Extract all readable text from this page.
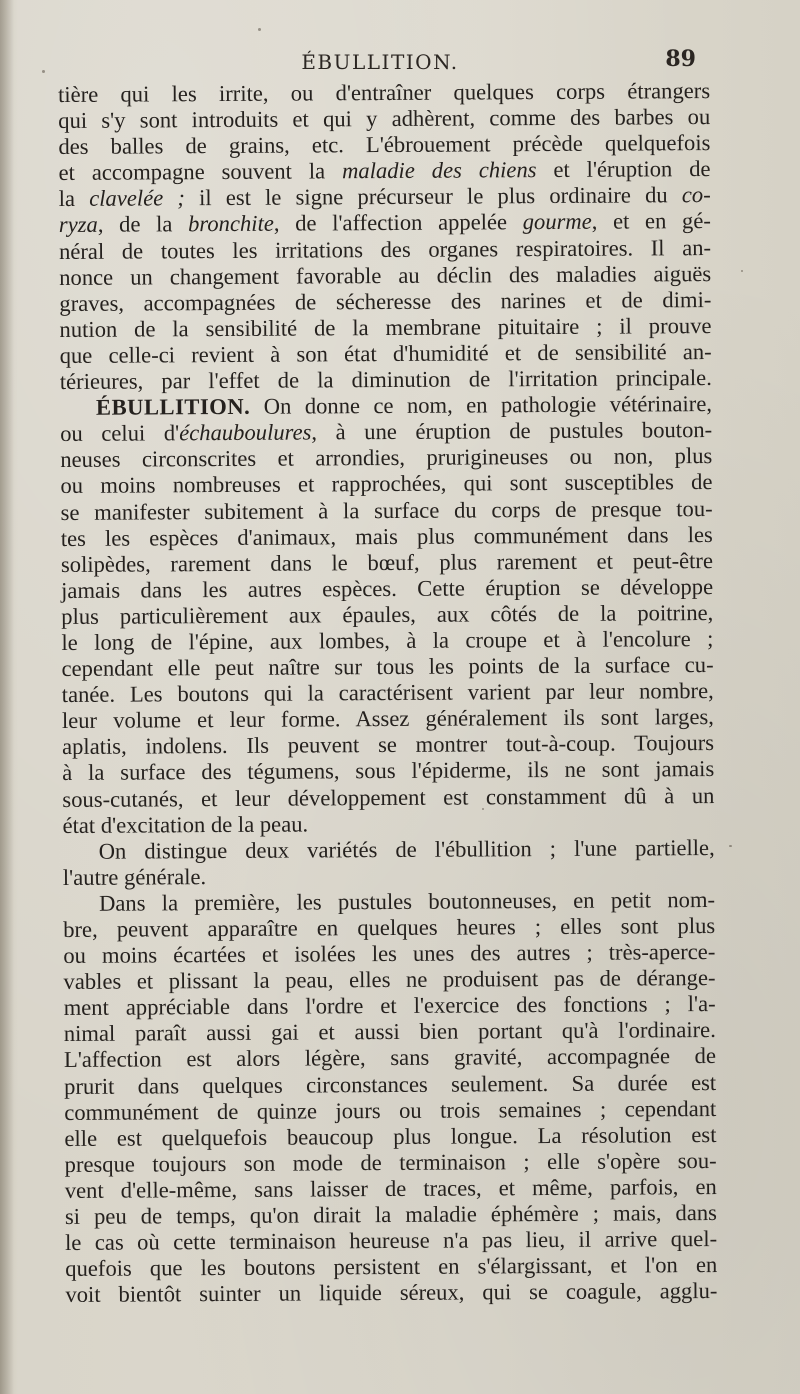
ÉBULLITION.	89
tière qui les irrite, ou d'entraîner quelques corps étrangers
qui s'y sont introduits et qui y adhèrent, comme des barbes ou
des balles de grains, etc. L'ébrouement précède quelquefois
et accompagne souvent la maladie des chiens et l'éruption de
la clavelée ; il est le signe précurseur le plus ordinaire du co-
ryza, de la bronchite, de l'affection appelée gourme, et en gé-
néral de toutes les irritations des organes respiratoires. Il an-
nonce un changement favorable au déclin des maladies aiguës
graves, accompagnées de sécheresse des narines et de dimi-
nution de la sensibilité de la membrane pituitaire ; il prouve
que celle-ci revient à son état d'humidité et de sensibilité an-
térieures, par l'effet de la diminution de l'irritation principale.
ÉBULLITION. On donne ce nom, en pathologie vétérinaire,
ou celui d'échauboulures, à une éruption de pustules bouton-
neuses circonscrites et arrondies, prurigineuses ou non, plus
ou moins nombreuses et rapprochées, qui sont susceptibles de
se manifester subitement à la surface du corps de presque tou-
tes les espèces d'animaux, mais plus communément dans les
solipèdes, rarement dans le bœuf, plus rarement et peut-être
jamais dans les autres espèces. Cette éruption se développe
plus particulièrement aux épaules, aux côtés de la poitrine,
le long de l'épine, aux lombes, à la croupe et à l'encolure ;
cependant elle peut naître sur tous les points de la surface cu-
tanée. Les boutons qui la caractérisent varient par leur nombre,
leur volume et leur forme. Assez généralement ils sont larges,
aplatis, indolens. Ils peuvent se montrer tout-à-coup. Toujours
à la surface des tégumens, sous l'épiderme, ils ne sont jamais
sous-cutanés, et leur développement est constamment dû à un
état d'excitation de la peau.
On distingue deux variétés de l'ébullition ; l'une partielle,
l'autre générale.
Dans la première, les pustules boutonneuses, en petit nom-
bre, peuvent apparaître en quelques heures ; elles sont plus
ou moins écartées et isolées les unes des autres ; très-aperce-
vables et plissant la peau, elles ne produisent pas de dérange-
ment appréciable dans l'ordre et l'exercice des fonctions ; l'a-
nimal paraît aussi gai et aussi bien portant qu'à l'ordinaire.
L'affection est alors légère, sans gravité, accompagnée de
prurit dans quelques circonstances seulement. Sa durée est
communément de quinze jours ou trois semaines ; cependant
elle est quelquefois beaucoup plus longue. La résolution est
presque toujours son mode de terminaison ; elle s'opère sou-
vent d'elle-même, sans laisser de traces, et même, parfois, en
si peu de temps, qu'on dirait la maladie éphémère ; mais, dans
le cas où cette terminaison heureuse n'a pas lieu, il arrive quel-
quefois que les boutons persistent en s'élargissant, et l'on en
voit bientôt suinter un liquide séreux, qui se coagule, agglu-
